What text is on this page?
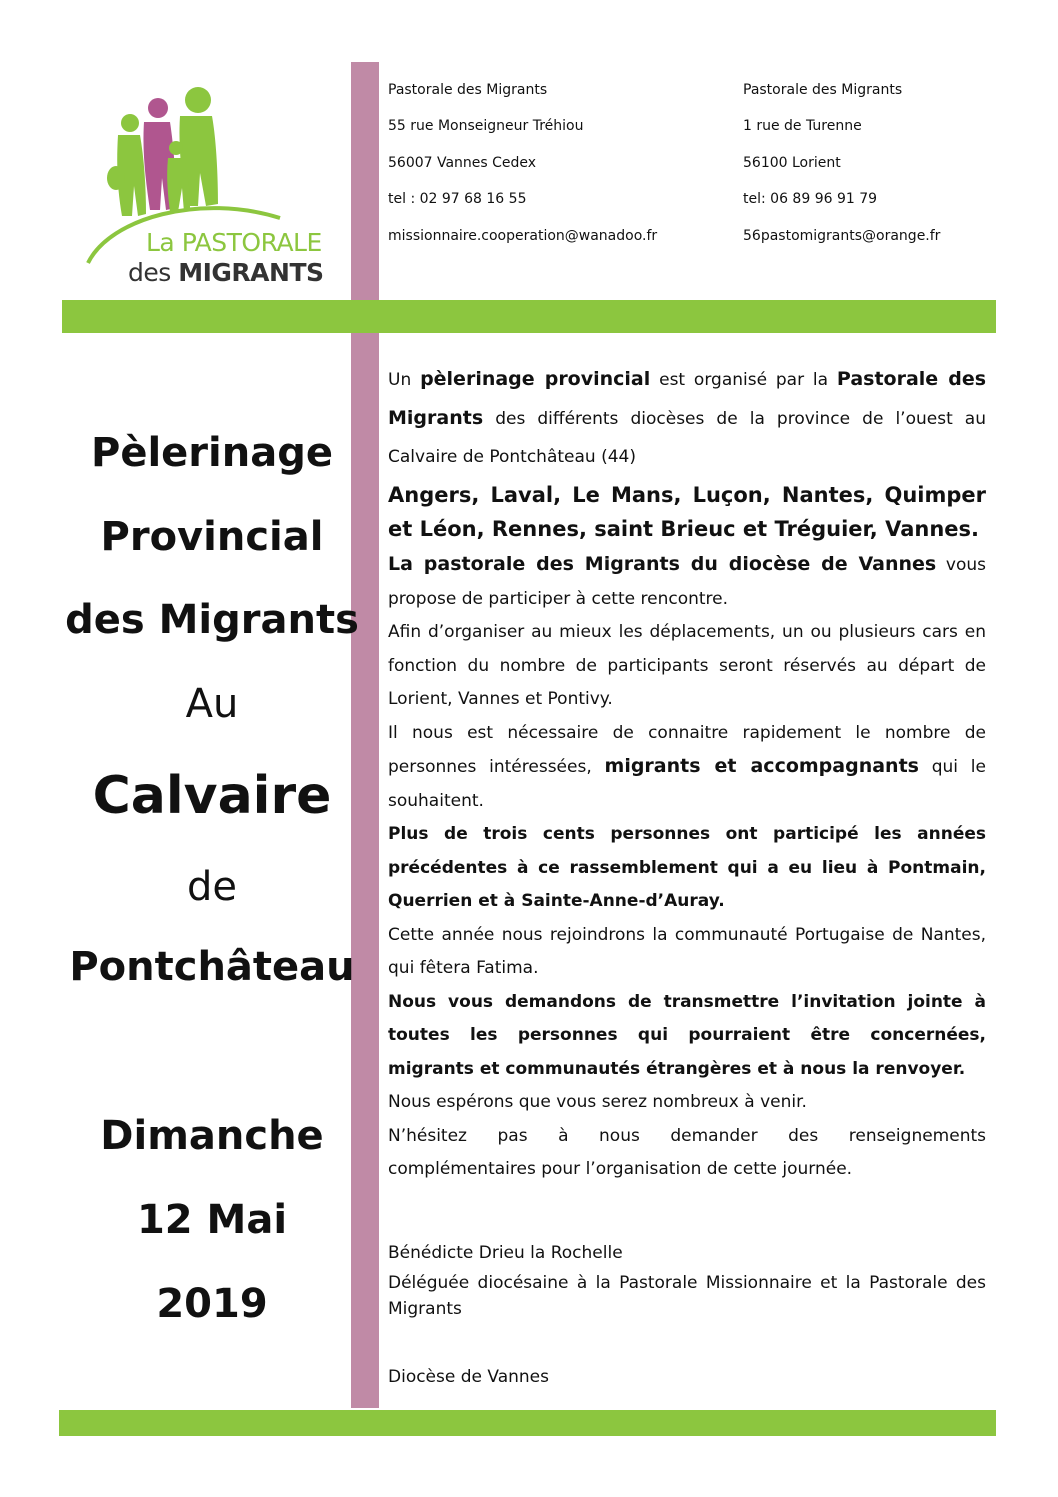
La PASTORALE
des MIGRANTS
Pastorale des Migrants
55 rue Monseigneur Tréhiou
56007 Vannes Cedex
tel : 02 97 68 16 55
missionnaire.cooperation@wanadoo.fr
Pastorale des Migrants
1 rue de Turenne
56100 Lorient
tel: 06 89 96 91 79
56pastomigrants@orange.fr
Pèlerinage
Provincial
des Migrants
Au
Calvaire
de
Pontchâteau
Dimanche
12 Mai
2019
Un pèlerinage provincial est organisé par la Pastorale des Migrants des différents diocèses de la province de l’ouest au Calvaire de Pontchâteau (44)
Angers, Laval, Le Mans, Luçon, Nantes, Quimper et Léon, Rennes, saint Brieuc et Tréguier, Vannes.
La pastorale des Migrants du diocèse de Vannes vous propose de participer à cette rencontre.
Afin d’organiser au mieux les déplacements, un ou plusieurs cars en fonction du nombre de participants seront réservés au départ de Lorient, Vannes et Pontivy.
Il nous est nécessaire de connaitre rapidement le nombre de personnes intéressées, migrants et accompagnants qui le souhaitent.
Plus de trois cents personnes ont participé les années précédentes à ce rassemblement qui a eu lieu à Pontmain, Querrien et à Sainte-Anne-d’Auray.
Cette année nous rejoindrons la communauté Portugaise de Nantes, qui fêtera Fatima.
Nous vous demandons de transmettre l’invitation jointe à toutes les personnes qui pourraient être concernées, migrants et communautés étrangères et à nous la renvoyer.
Nous espérons que vous serez nombreux à venir.
N’hésitez pas à nous demander des renseignements complémentaires pour l’organisation de cette journée.
Bénédicte Drieu la Rochelle
Déléguée diocésaine à la Pastorale Missionnaire et la Pastorale des Migrants
Diocèse de Vannes
